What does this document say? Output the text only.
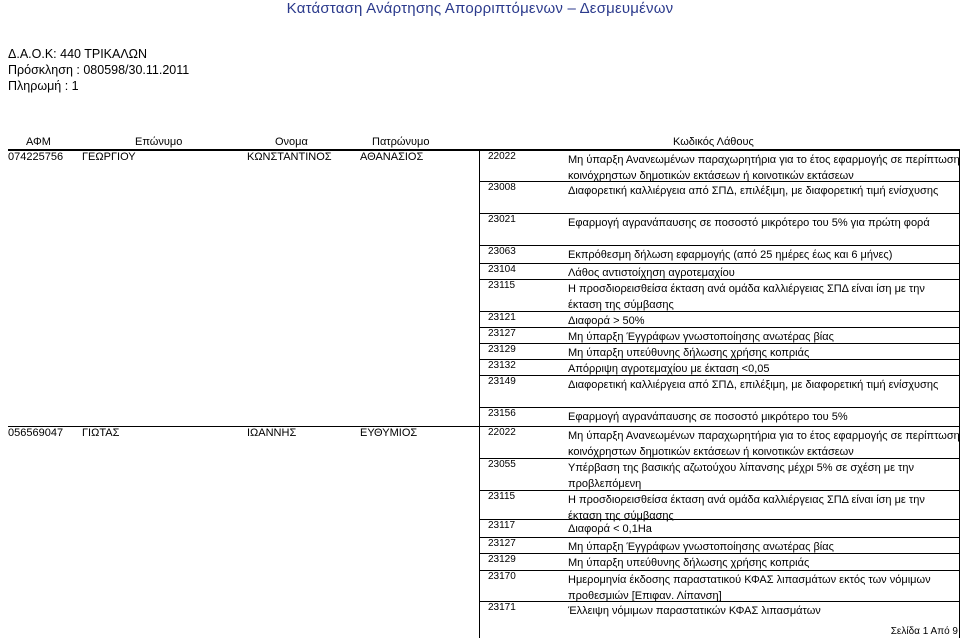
Κατάσταση Ανάρτησης Απορριπτόμενων – Δεσμευμένων
Δ.Α.Ο.Κ: 440 ΤΡΙΚΑΛΩΝ
Πρόσκληση : 080598/30.11.2011
Πληρωμή : 1
ΑΦΜ	Επώνυμο	Ονομα	Πατρώνυμο	Κωδικός Λάθους
074225756 ΓΕΩΡΓΙΟΥ	ΚΩΝΣΤΑΝΤΙΝΟΣ	ΑΘΑΝΑΣΙΟΣ	22022	Μη ύπαρξη Ανανεωμένων παραχωρητήρια για το έτος εφαρμογής σε περίπτωση κοινόχρηστων δημοτικών εκτάσεων ή κοινοτικών εκτάσεων
23008	Διαφορετική καλλιέργεια από ΣΠΔ, επιλέξιμη, με διαφορετική τιμή ενίσχυσης
23021	Εφαρμογή αγρανάπαυσης σε ποσοστό μικρότερο του 5% για πρώτη φορά
23063	Εκπρόθεσμη δήλωση εφαρμογής (από 25 ημέρες έως και 6 μήνες)
23104	Λάθος αντιστοίχηση αγροτεμαχίου
23115	Η προσδιορεισθείσα έκταση ανά ομάδα καλλιέργειας ΣΠΔ είναι ίση με την έκταση της σύμβασης
23121	Διαφορά > 50%
23127	Μη ύπαρξη Έγγράφων γνωστοποίησης ανωτέρας βίας
23129	Μη ύπαρξη υπεύθυνης δήλωσης χρήσης κοπριάς
23132	Απόρριψη αγροτεμαχίου με έκταση <0,05
23149	Διαφορετική καλλιέργεια από ΣΠΔ, επιλέξιμη, με διαφορετική τιμή ενίσχυσης
23156	Εφαρμογή αγρανάπαυσης σε ποσοστό μικρότερο του 5%
056569047 ΓΙΩΤΑΣ	ΙΩΑΝΝΗΣ	ΕΥΘΥΜΙΟΣ	22022	Μη ύπαρξη Ανανεωμένων παραχωρητήρια για το έτος εφαρμογής σε περίπτωση κοινόχρηστων δημοτικών εκτάσεων ή κοινοτικών εκτάσεων
23055	Υπέρβαση της βασικής αζωτούχου λίπανσης μέχρι 5% σε σχέση με την προβλεπόμενη
23115	Η προσδιορεισθείσα έκταση ανά ομάδα καλλιέργειας ΣΠΔ είναι ίση με την έκταση της σύμβασης
23117	Διαφορά < 0,1Ha
23127	Μη ύπαρξη Έγγράφων γνωστοποίησης ανωτέρας βίας
23129	Μη ύπαρξη υπεύθυνης δήλωσης χρήσης κοπριάς
23170	Ημερομηνία έκδοσης παραστατικού ΚΦΑΣ λιπασμάτων εκτός των νόμιμων προθεσμιών [Επιφαν. Λίπανση]
23171	Έλλειψη νόμιμων παραστατικών ΚΦΑΣ λιπασμάτων
Σελίδα 1 Από 9
